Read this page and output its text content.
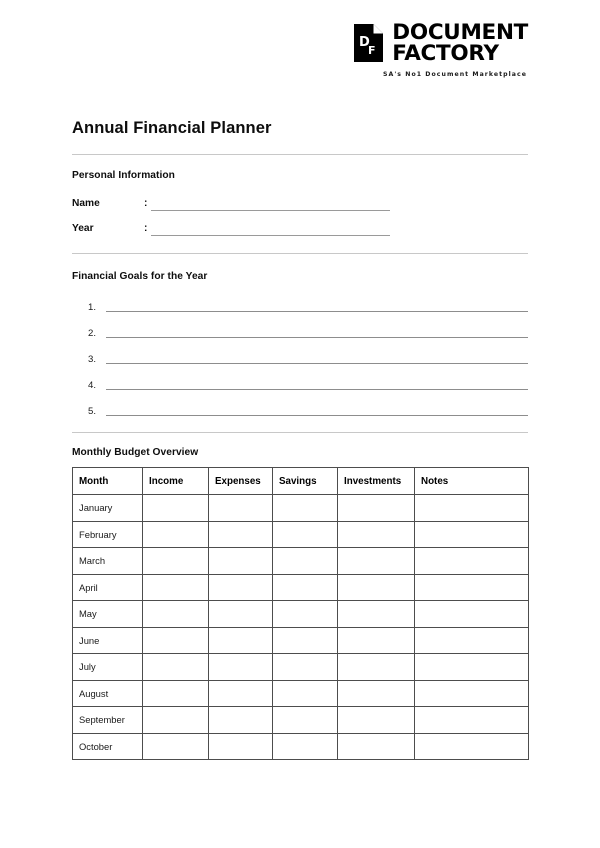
D
F
DOCUMENT
FACTORY
SA's No1 Document Marketplace
Annual Financial Planner
Personal Information
Name	:
Year	:
Financial Goals for the Year
1.
2.
3.
4.
5.
Monthly Budget Overview
Month	Income	Expenses	Savings	Investments	Notes
January					
February					
March					
April					
May					
June					
July					
August					
September					
October					
